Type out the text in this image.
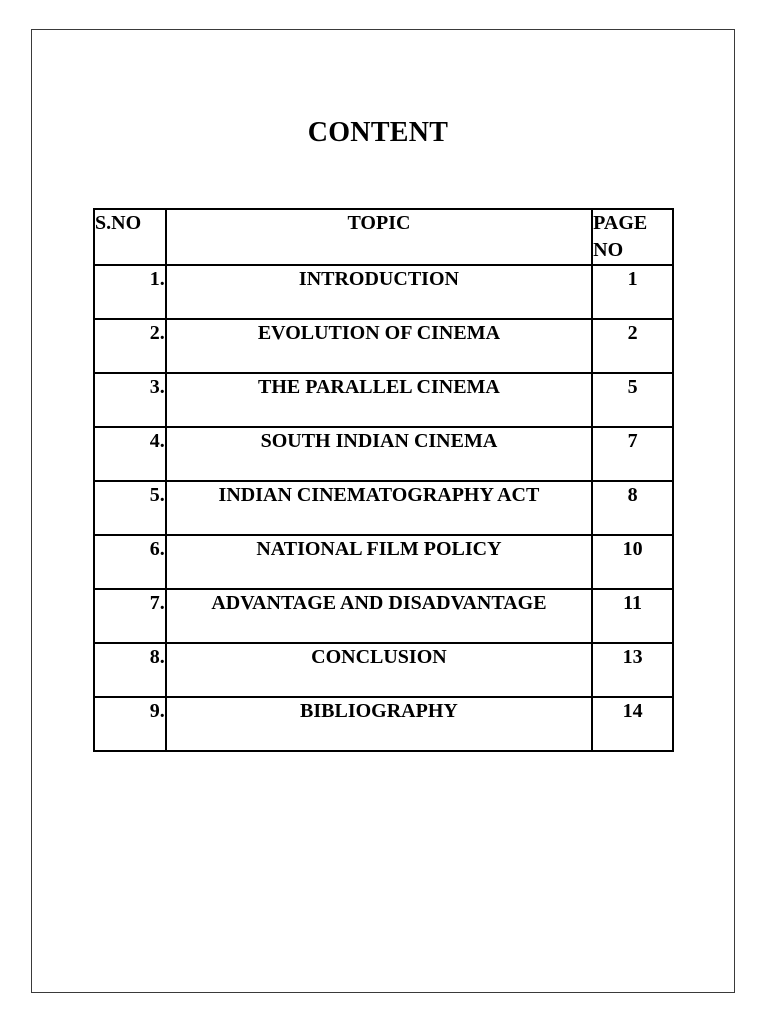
CONTENT
S.NO	TOPIC	PAGE NO
1.	INTRODUCTION	1
2.	EVOLUTION OF CINEMA	2
3.	THE PARALLEL CINEMA	5
4.	SOUTH INDIAN CINEMA	7
5.	INDIAN CINEMATOGRAPHY ACT	8
6.	NATIONAL FILM POLICY	10
7.	ADVANTAGE AND DISADVANTAGE	11
8.	CONCLUSION	13
9.	BIBLIOGRAPHY	14
